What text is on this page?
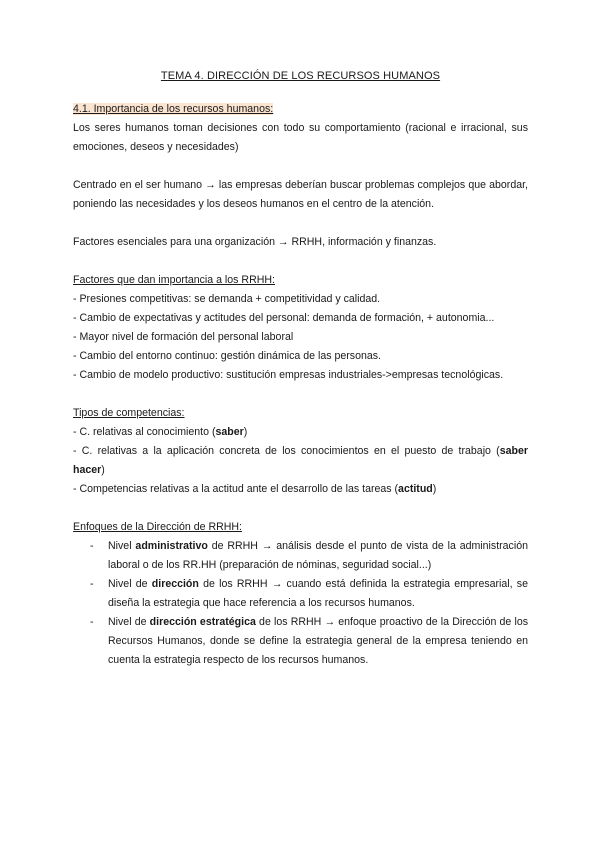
TEMA 4. DIRECCIÓN DE LOS RECURSOS HUMANOS
4.1. Importancia de los recursos humanos:

Los seres humanos toman decisiones con todo su comportamiento (racional e irracional, sus emociones, deseos y necesidades)

Centrado en el ser humano → las empresas deberían buscar problemas complejos que abordar, poniendo las necesidades y los deseos humanos en el centro de la atención.

Factores esenciales para una organización → RRHH, información y finanzas.

Factores que dan importancia a los RRHH:
- Presiones competitivas: se demanda + competitividad y calidad.
- Cambio de expectativas y actitudes del personal: demanda de formación, + autonomia...
- Mayor nivel de formación del personal laboral
- Cambio del entorno continuo: gestión dinámica de las personas.
- Cambio de modelo productivo: sustitución empresas industriales->empresas tecnológicas.
Tipos de competencias:

- C. relativas al conocimiento (saber)

- C. relativas a la aplicación concreta de los conocimientos en el puesto de trabajo (saber hacer)

- Competencias relativas a la actitud ante el desarrollo de las tareas (actitud)

Enfoques de la Dirección de RRHH:
- Nivel administrativo de RRHH → análisis desde el punto de vista de la administración laboral o de los RR.HH (preparación de nóminas, seguridad social...)
- Nivel de dirección de los RRHH → cuando está definida la estrategia empresarial, se diseña la estrategia que hace referencia a los recursos humanos.
- Nivel de dirección estratégica de los RRHH → enfoque proactivo de la Dirección de los Recursos Humanos, donde se define la estrategia general de la empresa teniendo en cuenta la estrategia respecto de los recursos humanos.
